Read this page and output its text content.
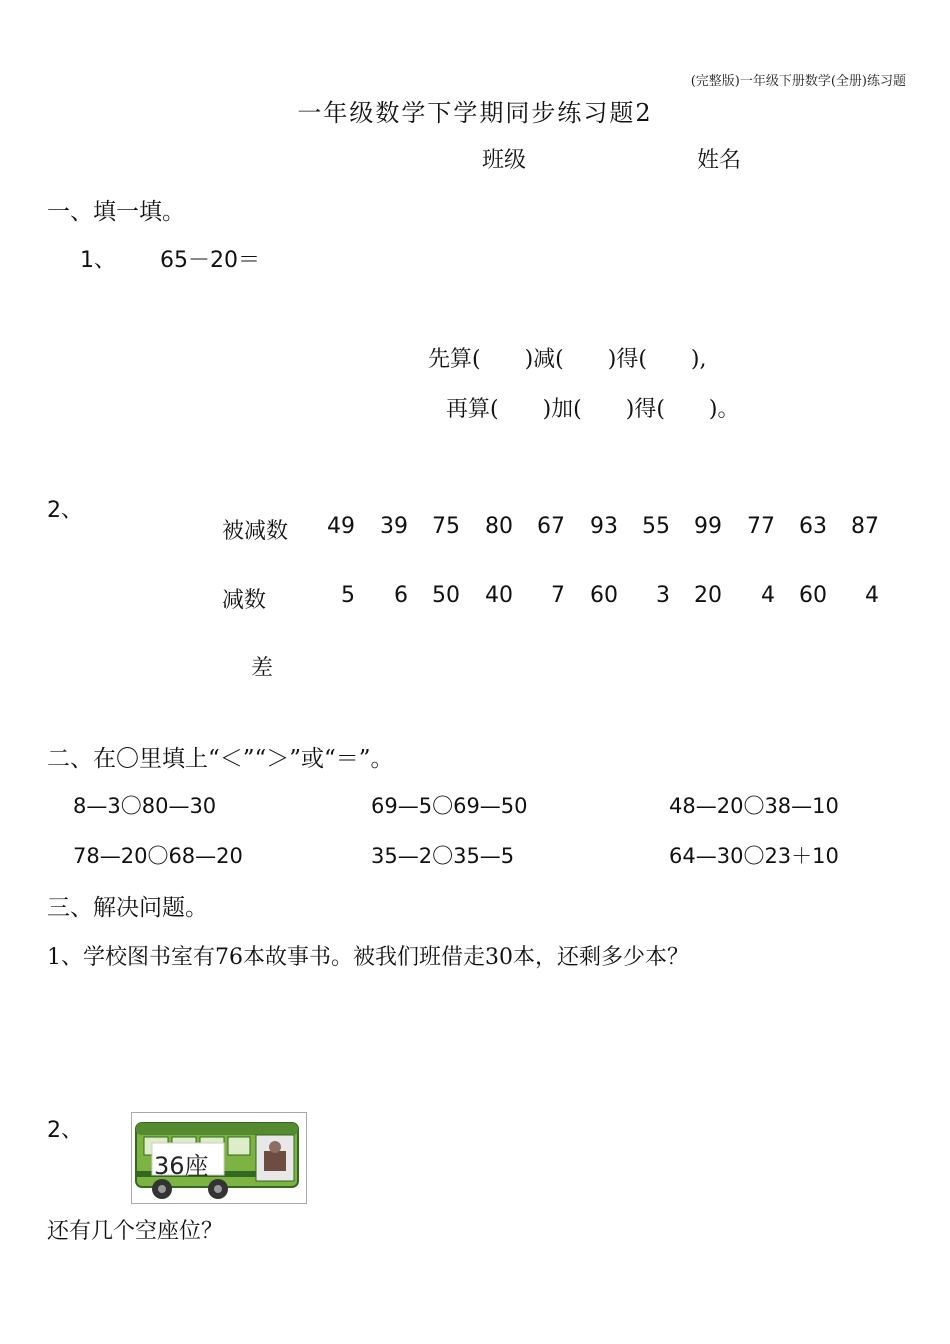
(完整版)一年级下册数学(全册)练习题
一年级数学下学期同步练习题2
班级	姓名
一、填一填。
1、 65－20＝
先算(　　)减(　　)得(　　),
再算(　　)加(　　)得(　　)。
2、
被减数	49	39	75	80	67	93	55	99	77	63	87
减数	5	6	50	40	7	60	3	20	4	60	4
差
二、在〇里填上“＜”“＞”或“＝”。
8—3〇80—30	69—5〇69—50	48—20〇38—10
78—20〇68—20	35—2〇35—5	64—30〇23＋10
三、解决问题。
1、学校图书室有76本故事书。被我们班借走30本，还剩多少本？
2、
36座
还有几个空座位？
